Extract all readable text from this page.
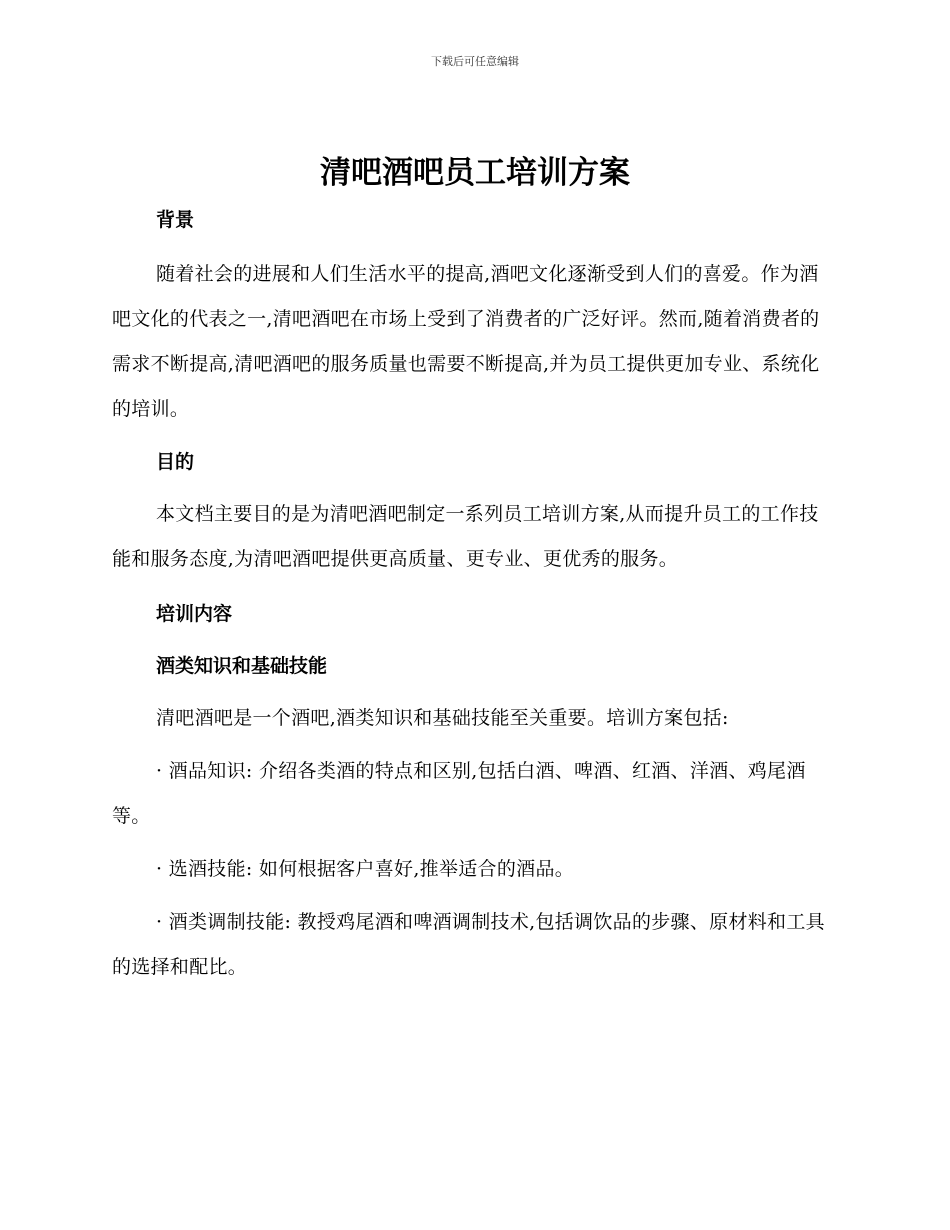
下载后可任意编辑
清吧酒吧员工培训方案
背景

随着社会的进展和人们生活水平的提高,酒吧文化逐渐受到人们的喜爱。作为酒吧文化的代表之一,清吧酒吧在市场上受到了消费者的广泛好评。然而,随着消费者的需求不断提高,清吧酒吧的服务质量也需要不断提高,并为员工提供更加专业、系统化的培训。

目的

本文档主要目的是为清吧酒吧制定一系列员工培训方案,从而提升员工的工作技能和服务态度,为清吧酒吧提供更高质量、更专业、更优秀的服务。

培训内容
酒类知识和基础技能

清吧酒吧是一个酒吧,酒类知识和基础技能至关重要。培训方案包括:

· 酒品知识: 介绍各类酒的特点和区别,包括白酒、啤酒、红酒、洋酒、鸡尾酒等。

· 选酒技能: 如何根据客户喜好,推举适合的酒品。

· 酒类调制技能: 教授鸡尾酒和啤酒调制技术,包括调饮品的步骤、原材料和工具的选择和配比。
